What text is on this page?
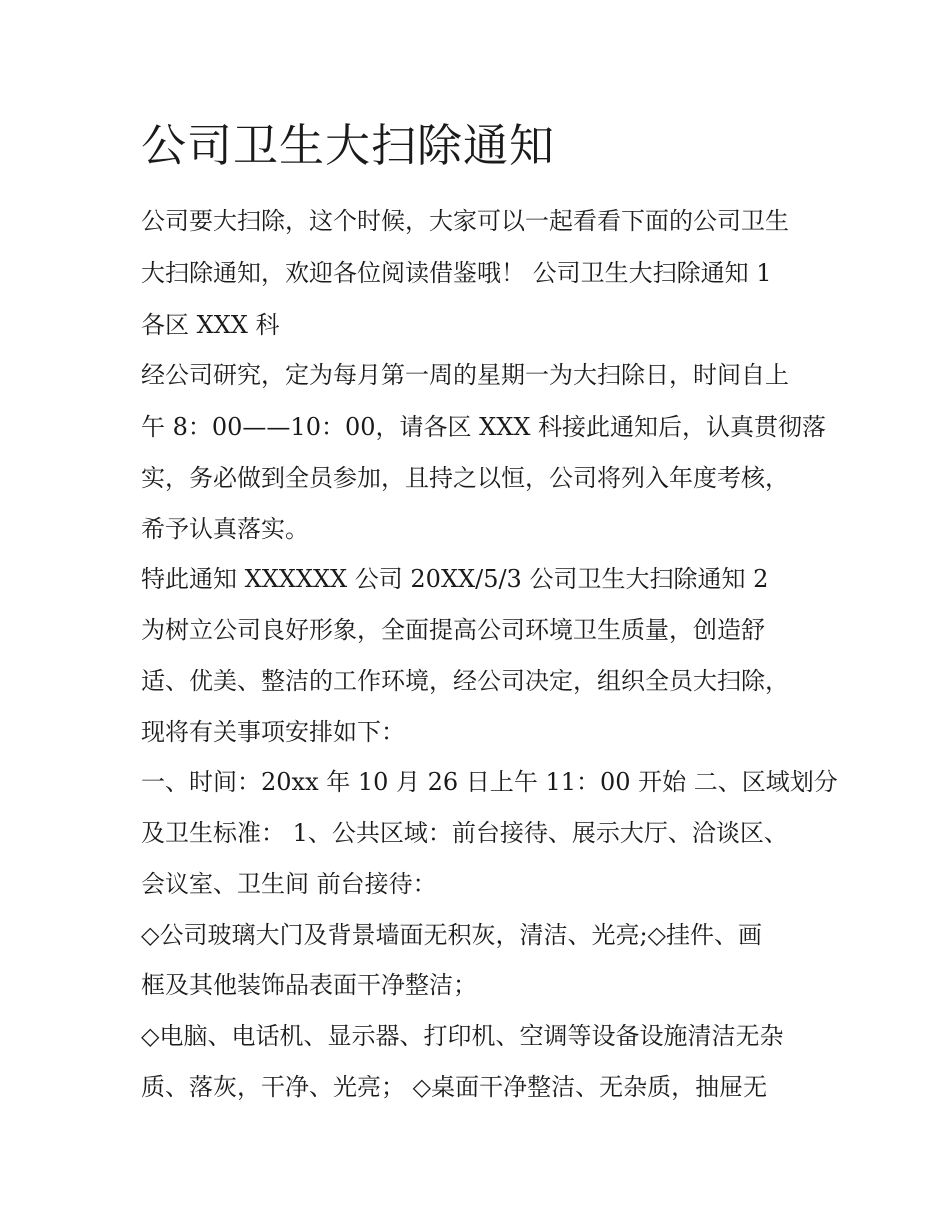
公司卫生大扫除通知

公司要大扫除，这个时候，大家可以一起看看下面的公司卫生

大扫除通知，欢迎各位阅读借鉴哦！ 公司卫生大扫除通知 1

各区 XXX 科

经公司研究，定为每月第一周的星期一为大扫除日，时间自上

午 8：00——10：00，请各区 XXX 科接此通知后，认真贯彻落

实，务必做到全员参加，且持之以恒，公司将列入年度考核，

希予认真落实。

特此通知 XXXXXX 公司 20XX/5/3 公司卫生大扫除通知 2

为树立公司良好形象，全面提高公司环境卫生质量，创造舒

适、优美、整洁的工作环境，经公司决定，组织全员大扫除，

现将有关事项安排如下：

一、时间：20xx 年 10 月 26 日上午 11：00 开始 二、区域划分

及卫生标准： 1、公共区域：前台接待、展示大厅、洽谈区、

会议室、卫生间 前台接待：

◇公司玻璃大门及背景墙面无积灰，清洁、光亮;◇挂件、画

框及其他装饰品表面干净整洁；

◇电脑、电话机、显示器、打印机、空调等设备设施清洁无杂

质、落灰，干净、光亮； ◇桌面干净整洁、无杂质，抽屉无
